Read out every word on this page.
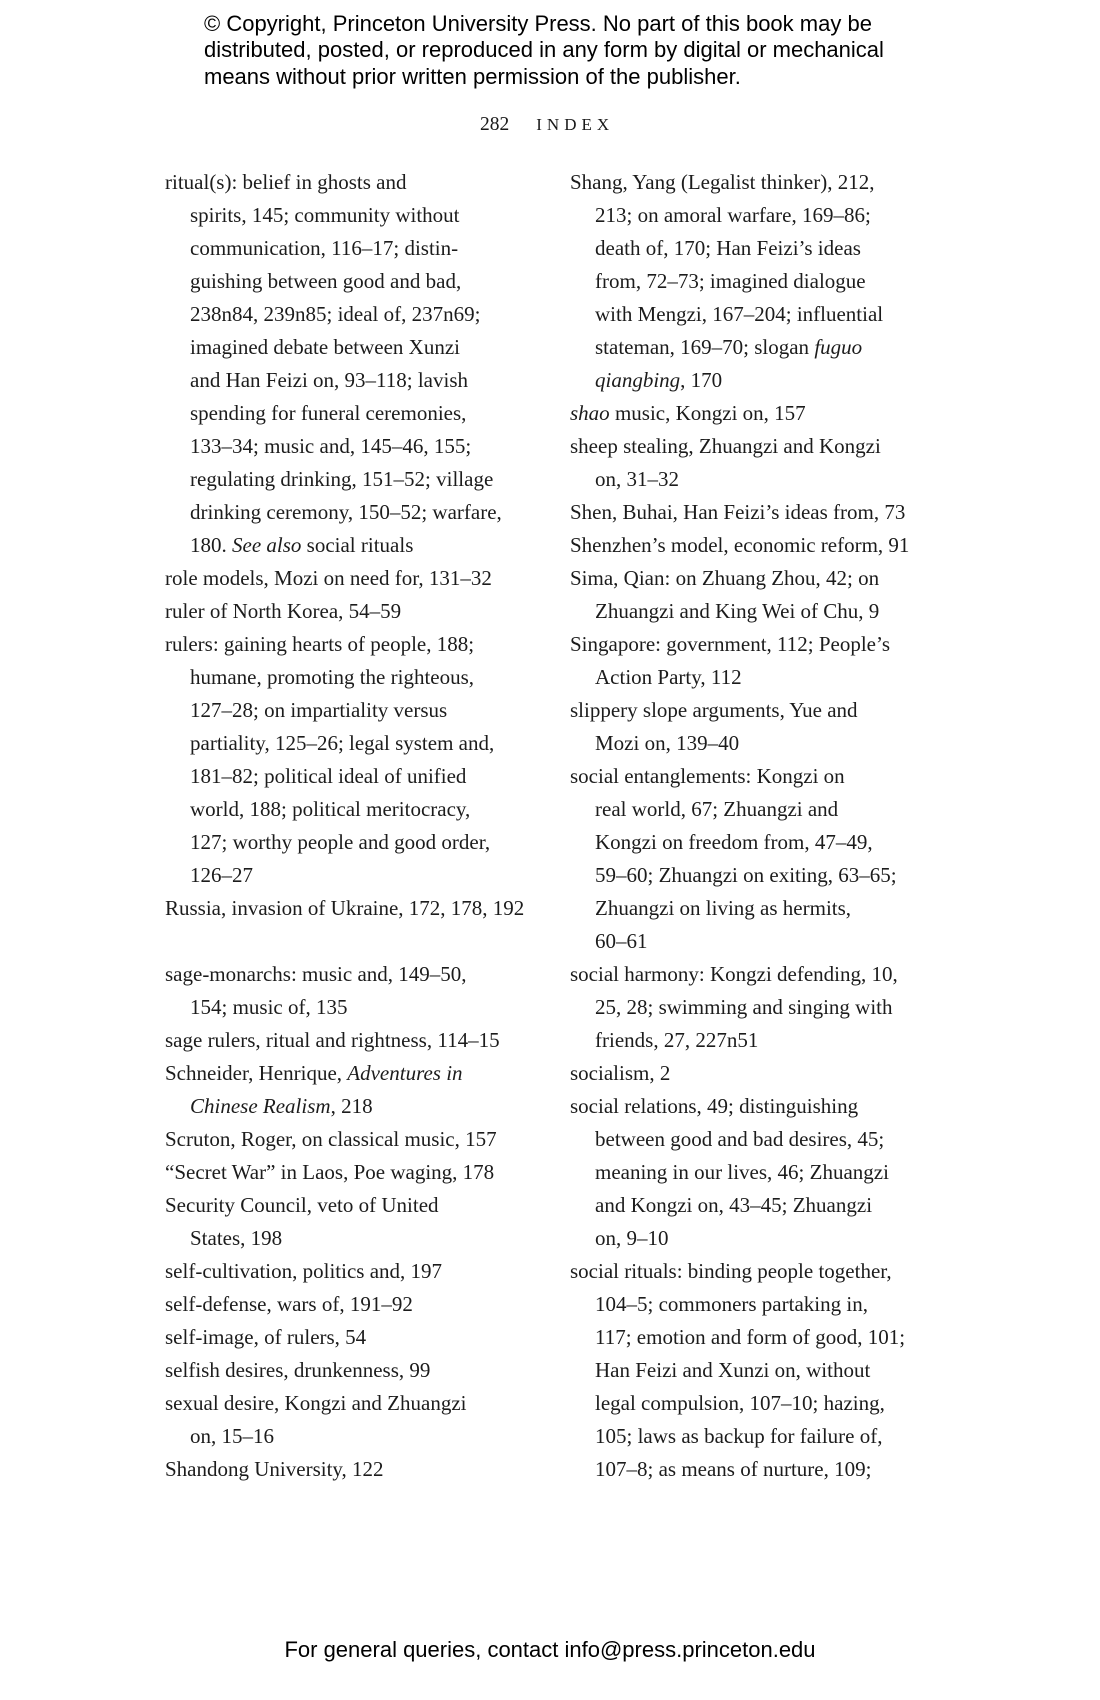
© Copyright, Princeton University Press. No part of this book may be
distributed, posted, or reproduced in any form by digital or mechanical
means without prior written permission of the publisher.
282 INDEX
ritual(s): belief in ghosts and
spirits, 145; community without
communication, 116–17; distin-
guishing between good and bad,
238n84, 239n85; ideal of, 237n69;
imagined debate between Xunzi
and Han Feizi on, 93–118; lavish
spending for funeral ceremonies,
133–34; music and, 145–46, 155;
regulating drinking, 151–52; village
drinking ceremony, 150–52; warfare,
180. See also social rituals
role models, Mozi on need for, 131–32
ruler of North Korea, 54–59
rulers: gaining hearts of people, 188;
humane, promoting the righteous,
127–28; on impartiality versus
partiality, 125–26; legal system and,
181–82; political ideal of unified
world, 188; political meritocracy,
127; worthy people and good order,
126–27
Russia, invasion of Ukraine, 172, 178, 192
sage-monarchs: music and, 149–50,
154; music of, 135
sage rulers, ritual and rightness, 114–15
Schneider, Henrique, Adventures in
Chinese Realism, 218
Scruton, Roger, on classical music, 157
“Secret War” in Laos, Poe waging, 178
Security Council, veto of United
States, 198
self-cultivation, politics and, 197
self-defense, wars of, 191–92
self-image, of rulers, 54
selfish desires, drunkenness, 99
sexual desire, Kongzi and Zhuangzi
on, 15–16
Shandong University, 122
Shang, Yang (Legalist thinker), 212,
213; on amoral warfare, 169–86;
death of, 170; Han Feizi’s ideas
from, 72–73; imagined dialogue
with Mengzi, 167–204; influential
stateman, 169–70; slogan fuguo
qiangbing, 170
shao music, Kongzi on, 157
sheep stealing, Zhuangzi and Kongzi
on, 31–32
Shen, Buhai, Han Feizi’s ideas from, 73
Shenzhen’s model, economic reform, 91
Sima, Qian: on Zhuang Zhou, 42; on
Zhuangzi and King Wei of Chu, 9
Singapore: government, 112; People’s
Action Party, 112
slippery slope arguments, Yue and
Mozi on, 139–40
social entanglements: Kongzi on
real world, 67; Zhuangzi and
Kongzi on freedom from, 47–49,
59–60; Zhuangzi on exiting, 63–65;
Zhuangzi on living as hermits,
60–61
social harmony: Kongzi defending, 10,
25, 28; swimming and singing with
friends, 27, 227n51
socialism, 2
social relations, 49; distinguishing
between good and bad desires, 45;
meaning in our lives, 46; Zhuangzi
and Kongzi on, 43–45; Zhuangzi
on, 9–10
social rituals: binding people together,
104–5; commoners partaking in,
117; emotion and form of good, 101;
Han Feizi and Xunzi on, without
legal compulsion, 107–10; hazing,
105; laws as backup for failure of,
107–8; as means of nurture, 109;
For general queries, contact info@press.princeton.edu
